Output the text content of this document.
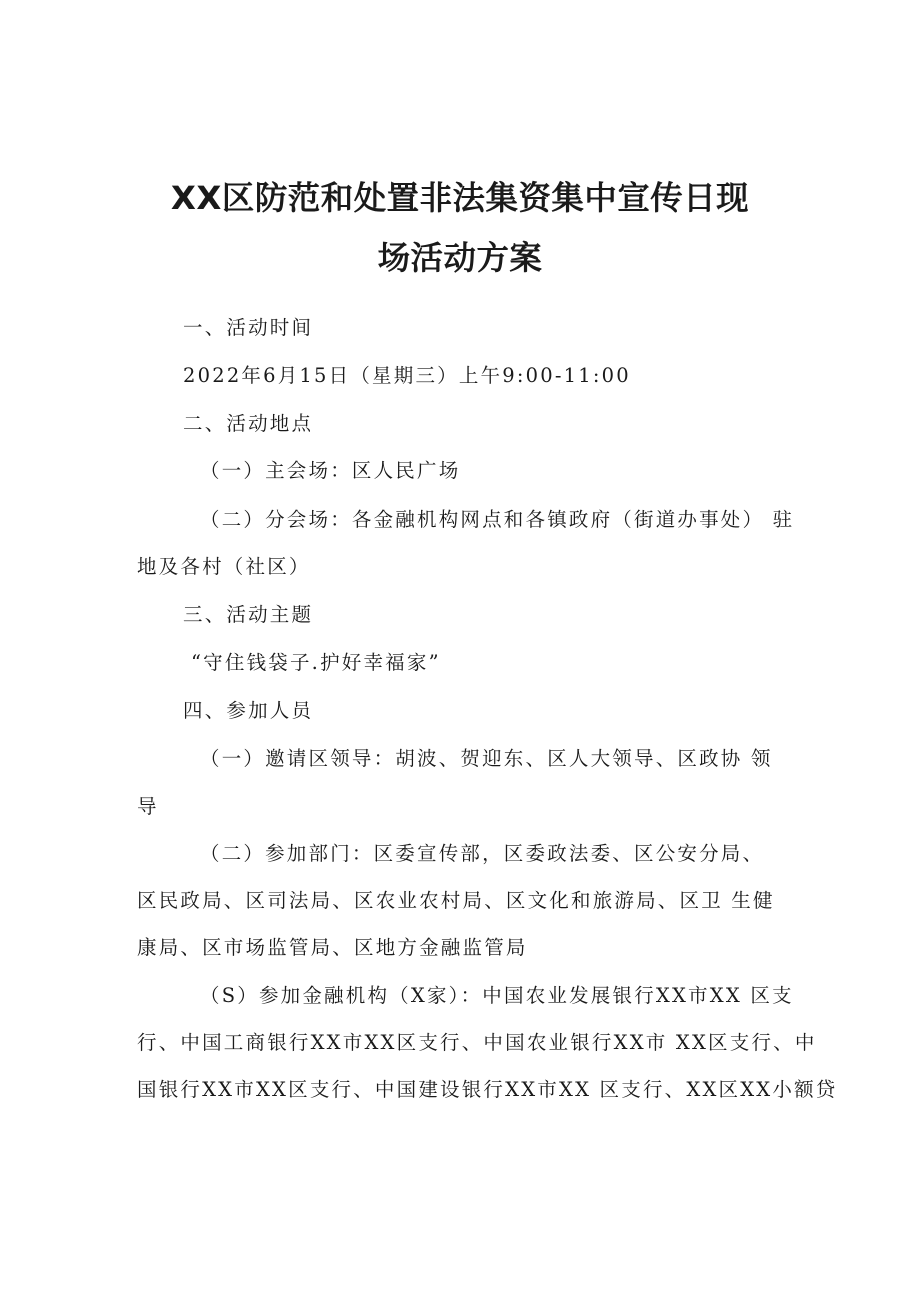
XX区防范和处置非法集资集中宣传日现
场活动方案
一、活动时间
2022年6月15日（星期三）上午9:00-11:00
二、活动地点
（一）主会场：区人民广场
（二）分会场：各金融机构网点和各镇政府（街道办事处） 驻
地及各村（社区）
三、活动主题
“守住钱袋子.护好幸福家”
四、参加人员
（一）邀请区领导：胡波、贺迎东、区人大领导、区政协 领
导
（二）参加部门：区委宣传部，区委政法委、区公安分局、
区民政局、区司法局、区农业农村局、区文化和旅游局、区卫 生健
康局、区市场监管局、区地方金融监管局
（S）参加金融机构（X家）：中国农业发展银行XX市XX 区支
行、中国工商银行XX市XX区支行、中国农业银行XX市 XX区支行、中
国银行XX市XX区支行、中国建设银行XX市XX 区支行、XX区XX小额贷
